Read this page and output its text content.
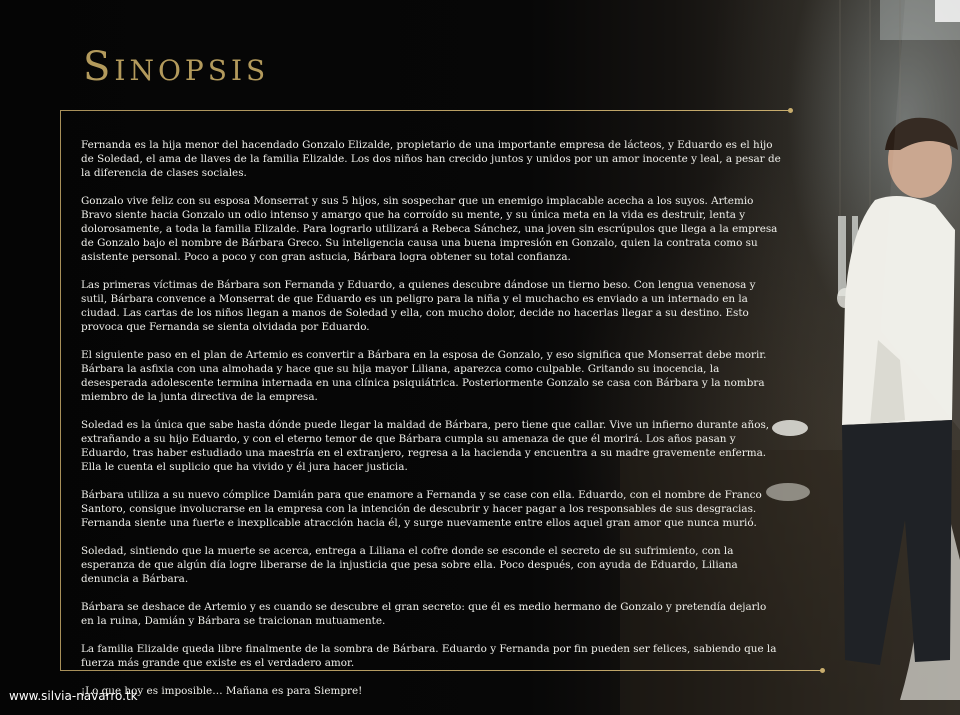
Sinopsis

Fernanda es la hija menor del hacendado Gonzalo Elizalde, propietario de una importante empresa de lácteos, y Eduardo es el hijo de Soledad, el ama de llaves de la familia Elizalde. Los dos niños han crecido juntos y unidos por un amor inocente y leal, a pesar de la diferencia de clases sociales.

Gonzalo vive feliz con su esposa Monserrat y sus 5 hijos, sin sospechar que un enemigo implacable acecha a los suyos. Artemio Bravo siente hacia Gonzalo un odio intenso y amargo que ha corroído su mente, y su única meta en la vida es destruir, lenta y dolorosamente, a toda la familia Elizalde. Para lograrlo utilizará a Rebeca Sánchez, una joven sin escrúpulos que llega a la empresa de Gonzalo bajo el nombre de Bárbara Greco. Su inteligencia causa una buena impresión en Gonzalo, quien la contrata como su asistente personal. Poco a poco y con gran astucia, Bárbara logra obtener su total confianza.

Las primeras víctimas de Bárbara son Fernanda y Eduardo, a quienes descubre dándose un tierno beso. Con lengua venenosa y sutil, Bárbara convence a Monserrat de que Eduardo es un peligro para la niña y el muchacho es enviado a un internado en la ciudad. Las cartas de los niños llegan a manos de Soledad y ella, con mucho dolor, decide no hacerlas llegar a su destino. Esto provoca que Fernanda se sienta olvidada por Eduardo.

El siguiente paso en el plan de Artemio es convertir a Bárbara en la esposa de Gonzalo, y eso significa que Monserrat debe morir. Bárbara la asfixia con una almohada y hace que su hija mayor Liliana, aparezca como culpable. Gritando su inocencia, la desesperada adolescente termina internada en una clínica psiquiátrica. Posteriormente Gonzalo se casa con Bárbara y la nombra miembro de la junta directiva de la empresa.

Soledad es la única que sabe hasta dónde puede llegar la maldad de Bárbara, pero tiene que callar. Vive un infierno durante años, extrañando a su hijo Eduardo, y con el eterno temor de que Bárbara cumpla su amenaza de que él morirá. Los años pasan y Eduardo, tras haber estudiado una maestría en el extranjero, regresa a la hacienda y encuentra a su madre gravemente enferma. Ella le cuenta el suplicio que ha vivido y él jura hacer justicia.

Bárbara utiliza a su nuevo cómplice Damián para que enamore a Fernanda y se case con ella. Eduardo, con el nombre de Franco Santoro, consigue involucrarse en la empresa con la intención de descubrir y hacer pagar a los responsables de sus desgracias. Fernanda siente una fuerte e inexplicable atracción hacia él, y surge nuevamente entre ellos aquel gran amor que nunca murió.

Soledad, sintiendo que la muerte se acerca, entrega a Liliana el cofre donde se esconde el secreto de su sufrimiento, con la esperanza de que algún día logre liberarse de la injusticia que pesa sobre ella. Poco después, con ayuda de Eduardo, Liliana denuncia a Bárbara.

Bárbara se deshace de Artemio y es cuando se descubre el gran secreto: que él es medio hermano de Gonzalo y pretendía dejarlo en la ruina, Damián y Bárbara se traicionan mutuamente.

La familia Elizalde queda libre finalmente de la sombra de Bárbara. Eduardo y Fernanda por fin pueden ser felices, sabiendo que la fuerza más grande que existe es el verdadero amor.

¡Lo que hoy es imposible… Mañana es para Siempre!

www.silvia-navarro.tk
